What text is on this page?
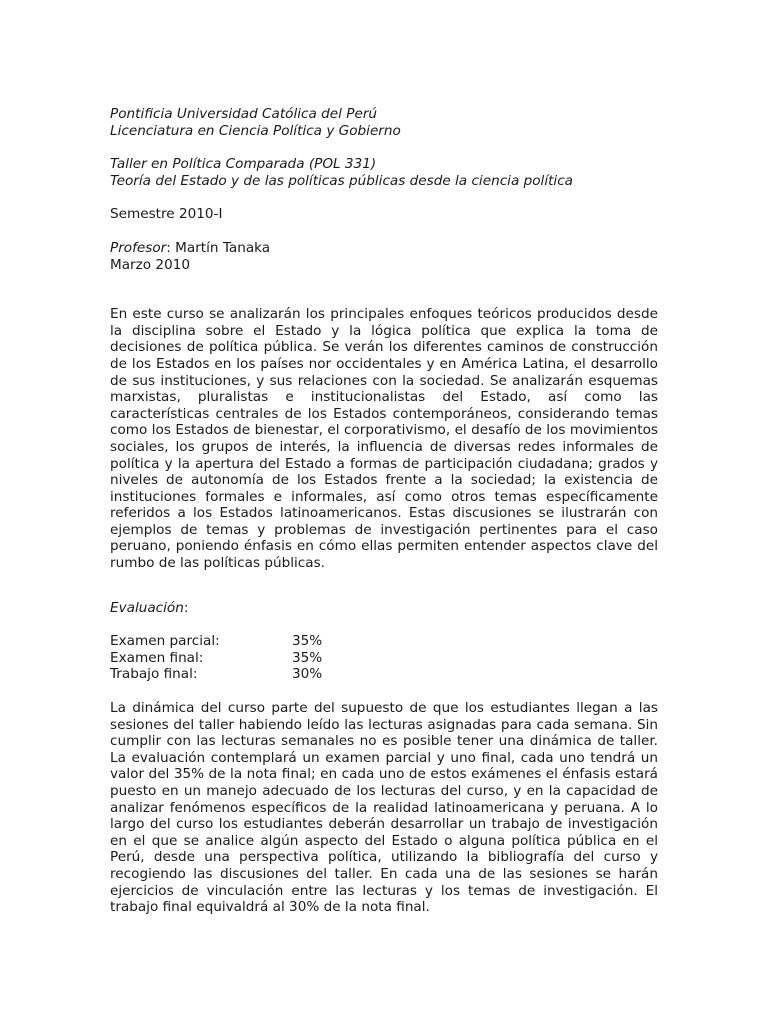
Pontificia Universidad Católica del Perú
Licenciatura en Ciencia Política y Gobierno
Taller en Política Comparada (POL 331)
Teoría del Estado y de las políticas públicas desde la ciencia política
Semestre 2010-I
Profesor: Martín Tanaka
Marzo 2010

En este curso se analizarán los principales enfoques teóricos producidos desde la disciplina sobre el Estado y la lógica política que explica la toma de decisiones de política pública. Se verán los diferentes caminos de construcción de los Estados en los países nor occidentales y en América Latina, el desarrollo de sus instituciones, y sus relaciones con la sociedad. Se analizarán esquemas marxistas, pluralistas e institucionalistas del Estado, así como las características centrales de los Estados contemporáneos, considerando temas como los Estados de bienestar, el corporativismo, el desafío de los movimientos sociales, los grupos de interés, la influencia de diversas redes informales de política y la apertura del Estado a formas de participación ciudadana; grados y niveles de autonomía de los Estados frente a la sociedad; la existencia de instituciones formales e informales, así como otros temas específicamente referidos a los Estados latinoamericanos. Estas discusiones se ilustrarán con ejemplos de temas y problemas de investigación pertinentes para el caso peruano, poniendo énfasis en cómo ellas permiten entender aspectos clave del rumbo de las políticas públicas.

Evaluación:
Examen parcial:	35%
Examen final:	35%
Trabajo final:	30%

La dinámica del curso parte del supuesto de que los estudiantes llegan a las sesiones del taller habiendo leído las lecturas asignadas para cada semana. Sin cumplir con las lecturas semanales no es posible tener una dinámica de taller. La evaluación contemplará un examen parcial y uno final, cada uno tendrá un valor del 35% de la nota final; en cada uno de estos exámenes el énfasis estará puesto en un manejo adecuado de los lecturas del curso, y en la capacidad de analizar fenómenos específicos de la realidad latinoamericana y peruana. A lo largo del curso los estudiantes deberán desarrollar un trabajo de investigación en el que se analice algún aspecto del Estado o alguna política pública en el Perú, desde una perspectiva política, utilizando la bibliografía del curso y recogiendo las discusiones del taller. En cada una de las sesiones se harán ejercicios de vinculación entre las lecturas y los temas de investigación. El trabajo final equivaldrá al 30% de la nota final.
